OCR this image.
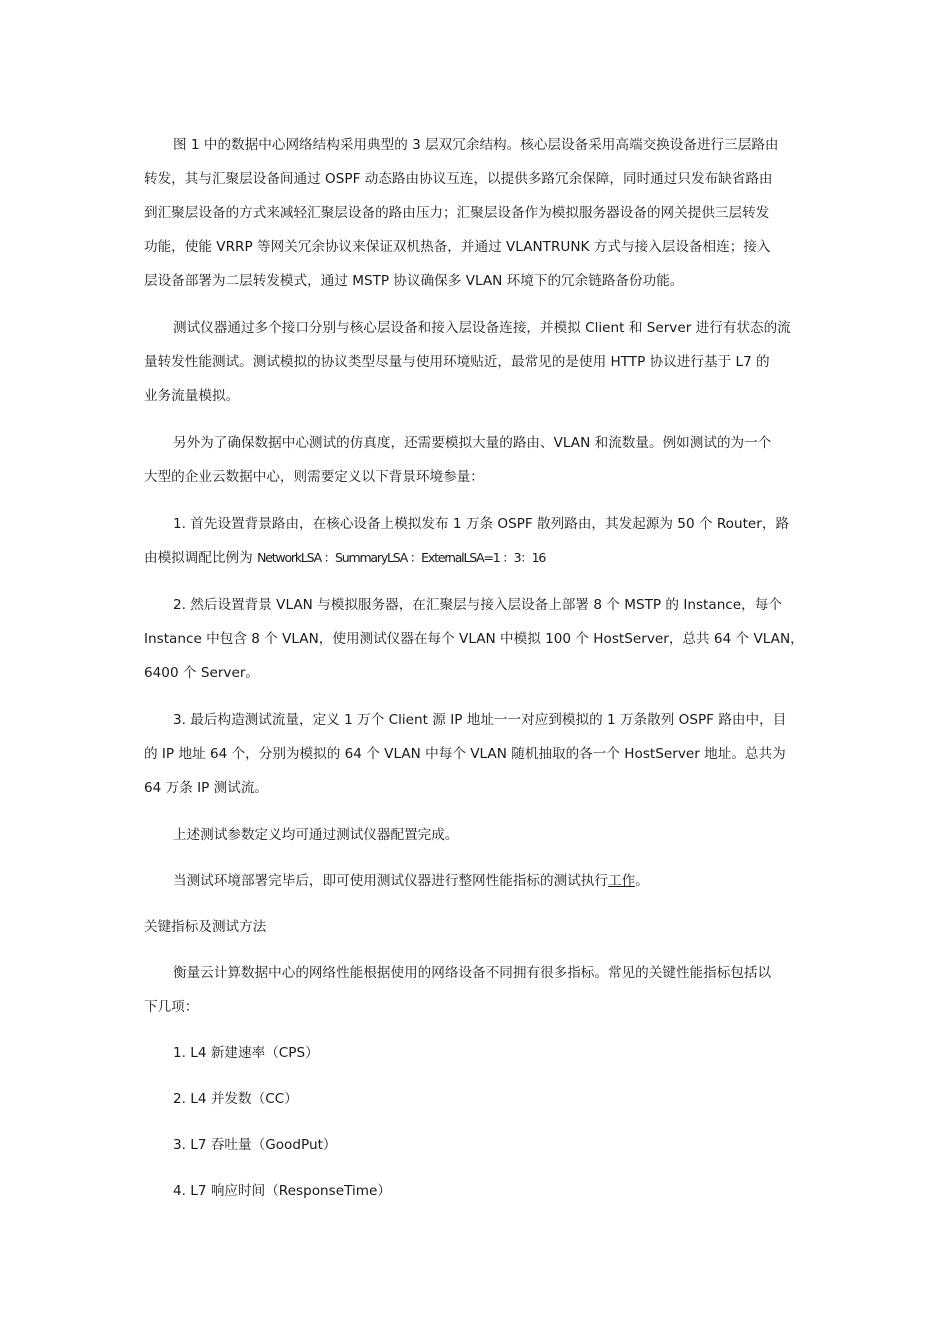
图 1 中的数据中心网络结构采用典型的 3 层双冗余结构。核心层设备采用高端交换设备进行三层路由
转发，其与汇聚层设备间通过 OSPF 动态路由协议互连，以提供多路冗余保障，同时通过只发布缺省路由
到汇聚层设备的方式来减轻汇聚层设备的路由压力；汇聚层设备作为模拟服务器设备的网关提供三层转发
功能，使能 VRRP 等网关冗余协议来保证双机热备，并通过 VLANTRUNK 方式与接入层设备相连；接入
层设备部署为二层转发模式，通过 MSTP 协议确保多 VLAN 环境下的冗余链路备份功能。
测试仪器通过多个接口分别与核心层设备和接入层设备连接，并模拟 Client 和 Server 进行有状态的流
量转发性能测试。测试模拟的协议类型尽量与使用环境贴近，最常见的是使用 HTTP 协议进行基于 L7 的
业务流量模拟。
另外为了确保数据中心测试的仿真度，还需要模拟大量的路由、VLAN 和流数量。例如测试的为一个
大型的企业云数据中心，则需要定义以下背景环境参量：
1. 首先设置背景路由，在核心设备上模拟发布 1 万条 OSPF 散列路由，其发起源为 50 个 Router，路
由模拟调配比例为 NetworkLSA ：SummaryLSA ：ExternalLSA=1 ：3：16
2. 然后设置背景 VLAN 与模拟服务器，在汇聚层与接入层设备上部署 8 个 MSTP 的 Instance，每个
Instance 中包含 8 个 VLAN，使用测试仪器在每个 VLAN 中模拟 100 个 HostServer，总共 64 个 VLAN，
6400 个 Server。
3. 最后构造测试流量，定义 1 万个 Client 源 IP 地址一一对应到模拟的 1 万条散列 OSPF 路由中，目
的 IP 地址 64 个，分别为模拟的 64 个 VLAN 中每个 VLAN 随机抽取的各一个 HostServer 地址。总共为
64 万条 IP 测试流。
上述测试参数定义均可通过测试仪器配置完成。
当测试环境部署完毕后，即可使用测试仪器进行整网性能指标的测试执行工作。
关键指标及测试方法
衡量云计算数据中心的网络性能根据使用的网络设备不同拥有很多指标。常见的关键性能指标包括以
下几项：
1. L4 新建速率（CPS）
2. L4 并发数（CC）
3. L7 吞吐量（GoodPut）
4. L7 响应时间（ResponseTime）
